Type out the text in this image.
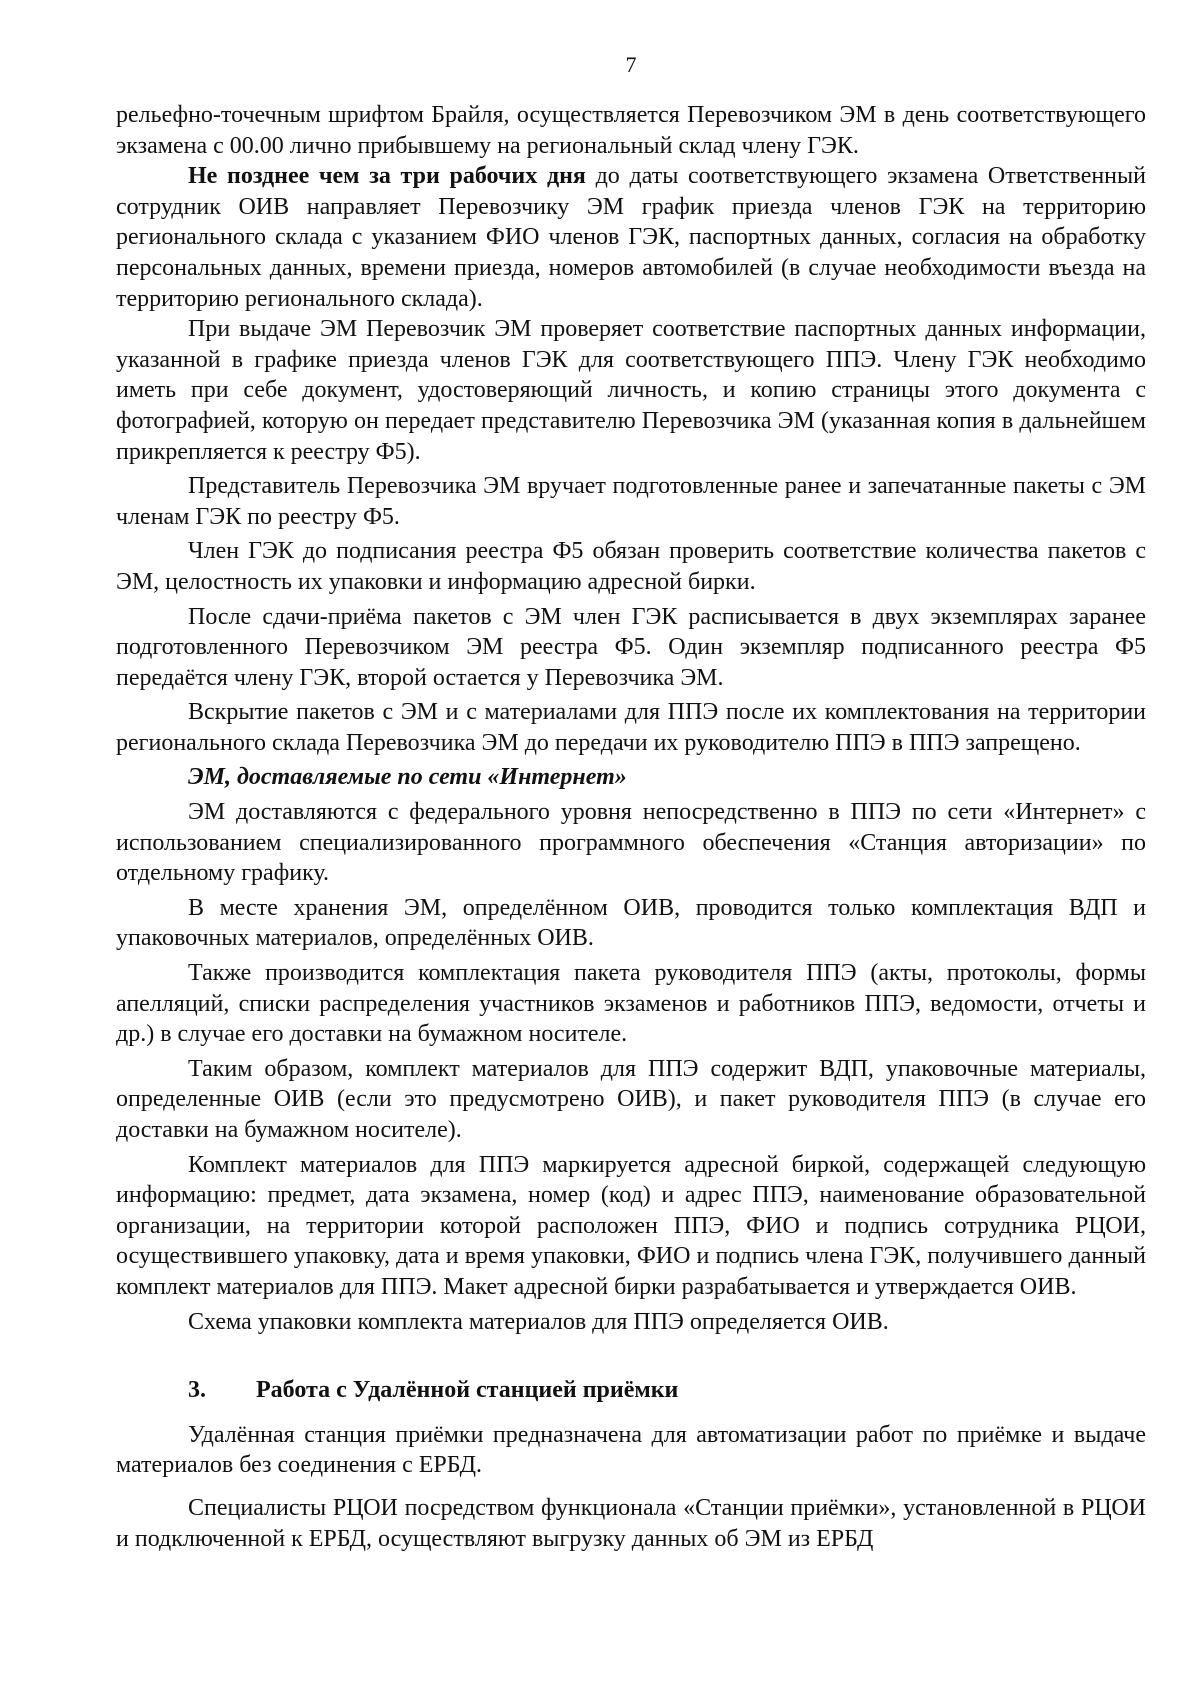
7

рельефно-точечным шрифтом Брайля, осуществляется Перевозчиком ЭМ в день соответствующего экзамена с 00.00 лично прибывшему на региональный склад члену ГЭК.

Не позднее чем за три рабочих дня до даты соответствующего экзамена Ответственный сотрудник ОИВ направляет Перевозчику ЭМ график приезда членов ГЭК на территорию регионального склада с указанием ФИО членов ГЭК, паспортных данных, согласия на обработку персональных данных, времени приезда, номеров автомобилей (в случае необходимости въезда на территорию регионального склада).

При выдаче ЭМ Перевозчик ЭМ проверяет соответствие паспортных данных информации, указанной в графике приезда членов ГЭК для соответствующего ППЭ. Члену ГЭК необходимо иметь при себе документ, удостоверяющий личность, и копию страницы этого документа с фотографией, которую он передает представителю Перевозчика ЭМ (указанная копия в дальнейшем прикрепляется к реестру Ф5).

Представитель Перевозчика ЭМ вручает подготовленные ранее и запечатанные пакеты с ЭМ членам ГЭК по реестру Ф5.

Член ГЭК до подписания реестра Ф5 обязан проверить соответствие количества пакетов с ЭМ, целостность их упаковки и информацию адресной бирки.

После сдачи-приёма пакетов с ЭМ член ГЭК расписывается в двух экземплярах заранее подготовленного Перевозчиком ЭМ реестра Ф5. Один экземпляр подписанного реестра Ф5 передаётся члену ГЭК, второй остается у Перевозчика ЭМ.

Вскрытие пакетов с ЭМ и с материалами для ППЭ после их комплектования на территории регионального склада Перевозчика ЭМ до передачи их руководителю ППЭ в ППЭ запрещено.

ЭМ, доставляемые по сети «Интернет»

ЭМ доставляются с федерального уровня непосредственно в ППЭ по сети «Интернет» с использованием специализированного программного обеспечения «Станция авторизации» по отдельному графику.

В месте хранения ЭМ, определённом ОИВ, проводится только комплектация ВДП и упаковочных материалов, определённых ОИВ.

Также производится комплектация пакета руководителя ППЭ (акты, протоколы, формы апелляций, списки распределения участников экзаменов и работников ППЭ, ведомости, отчеты и др.) в случае его доставки на бумажном носителе.

Таким образом, комплект материалов для ППЭ содержит ВДП, упаковочные материалы, определенные ОИВ (если это предусмотрено ОИВ), и пакет руководителя ППЭ (в случае его доставки на бумажном носителе).

Комплект материалов для ППЭ маркируется адресной биркой, содержащей следующую информацию: предмет, дата экзамена, номер (код) и адрес ППЭ, наименование образовательной организации, на территории которой расположен ППЭ, ФИО и подпись сотрудника РЦОИ, осуществившего упаковку, дата и время упаковки, ФИО и подпись члена ГЭК, получившего данный комплект материалов для ППЭ. Макет адресной бирки разрабатывается и утверждается ОИВ.

Схема упаковки комплекта материалов для ППЭ определяется ОИВ.

3.	Работа с Удалённой станцией приёмки

Удалённая станция приёмки предназначена для автоматизации работ по приёмке и выдаче материалов без соединения с ЕРБД.

Специалисты РЦОИ посредством функционала «Станции приёмки», установленной в РЦОИ и подключенной к ЕРБД, осуществляют выгрузку данных об ЭМ из ЕРБД
